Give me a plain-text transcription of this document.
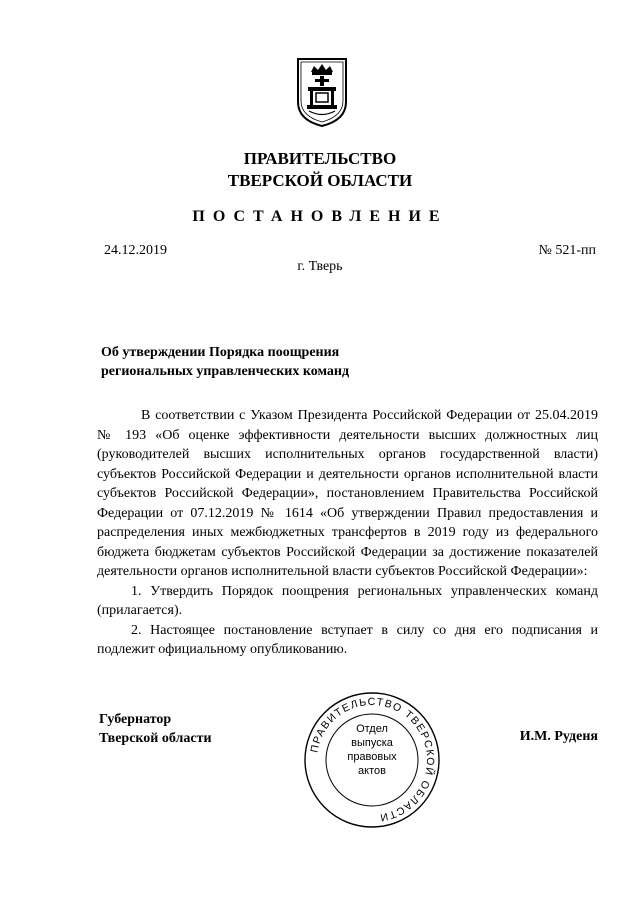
ПРАВИТЕЛЬСТВО
ТВЕРСКОЙ ОБЛАСТИ
ПОСТАНОВЛЕНИЕ
24.12.2019	№ 521-пп
г. Тверь
Об утверждении Порядка поощрения
региональных управленческих команд

В соответствии с Указом Президента Российской Федерации от 25.04.2019 № 193 «Об оценке эффективности деятельности высших должностных лиц (руководителей высших исполнительных органов государственной власти) субъектов Российской Федерации и деятельности органов исполнительной власти субъектов Российской Федерации», постановлением Правительства Российской Федерации от 07.12.2019 № 1614 «Об утверждении Правил предоставления и распределения иных межбюджетных трансфертов в 2019 году из федерального бюджета бюджетам субъектов Российской Федерации за достижение показателей деятельности органов исполнительной власти субъектов Российской Федерации»:

1. Утвердить Порядок поощрения региональных управленческих команд (прилагается).

2. Настоящее постановление вступает в силу со дня его подписания и подлежит официальному опубликованию.

Губернатор
Тверской области	И.М. Руденя
ПРАВИТЕЛЬСТВО ТВЕРСКОЙ ОБЛАСТИ
Отдел
выпуска
правовых
актов
